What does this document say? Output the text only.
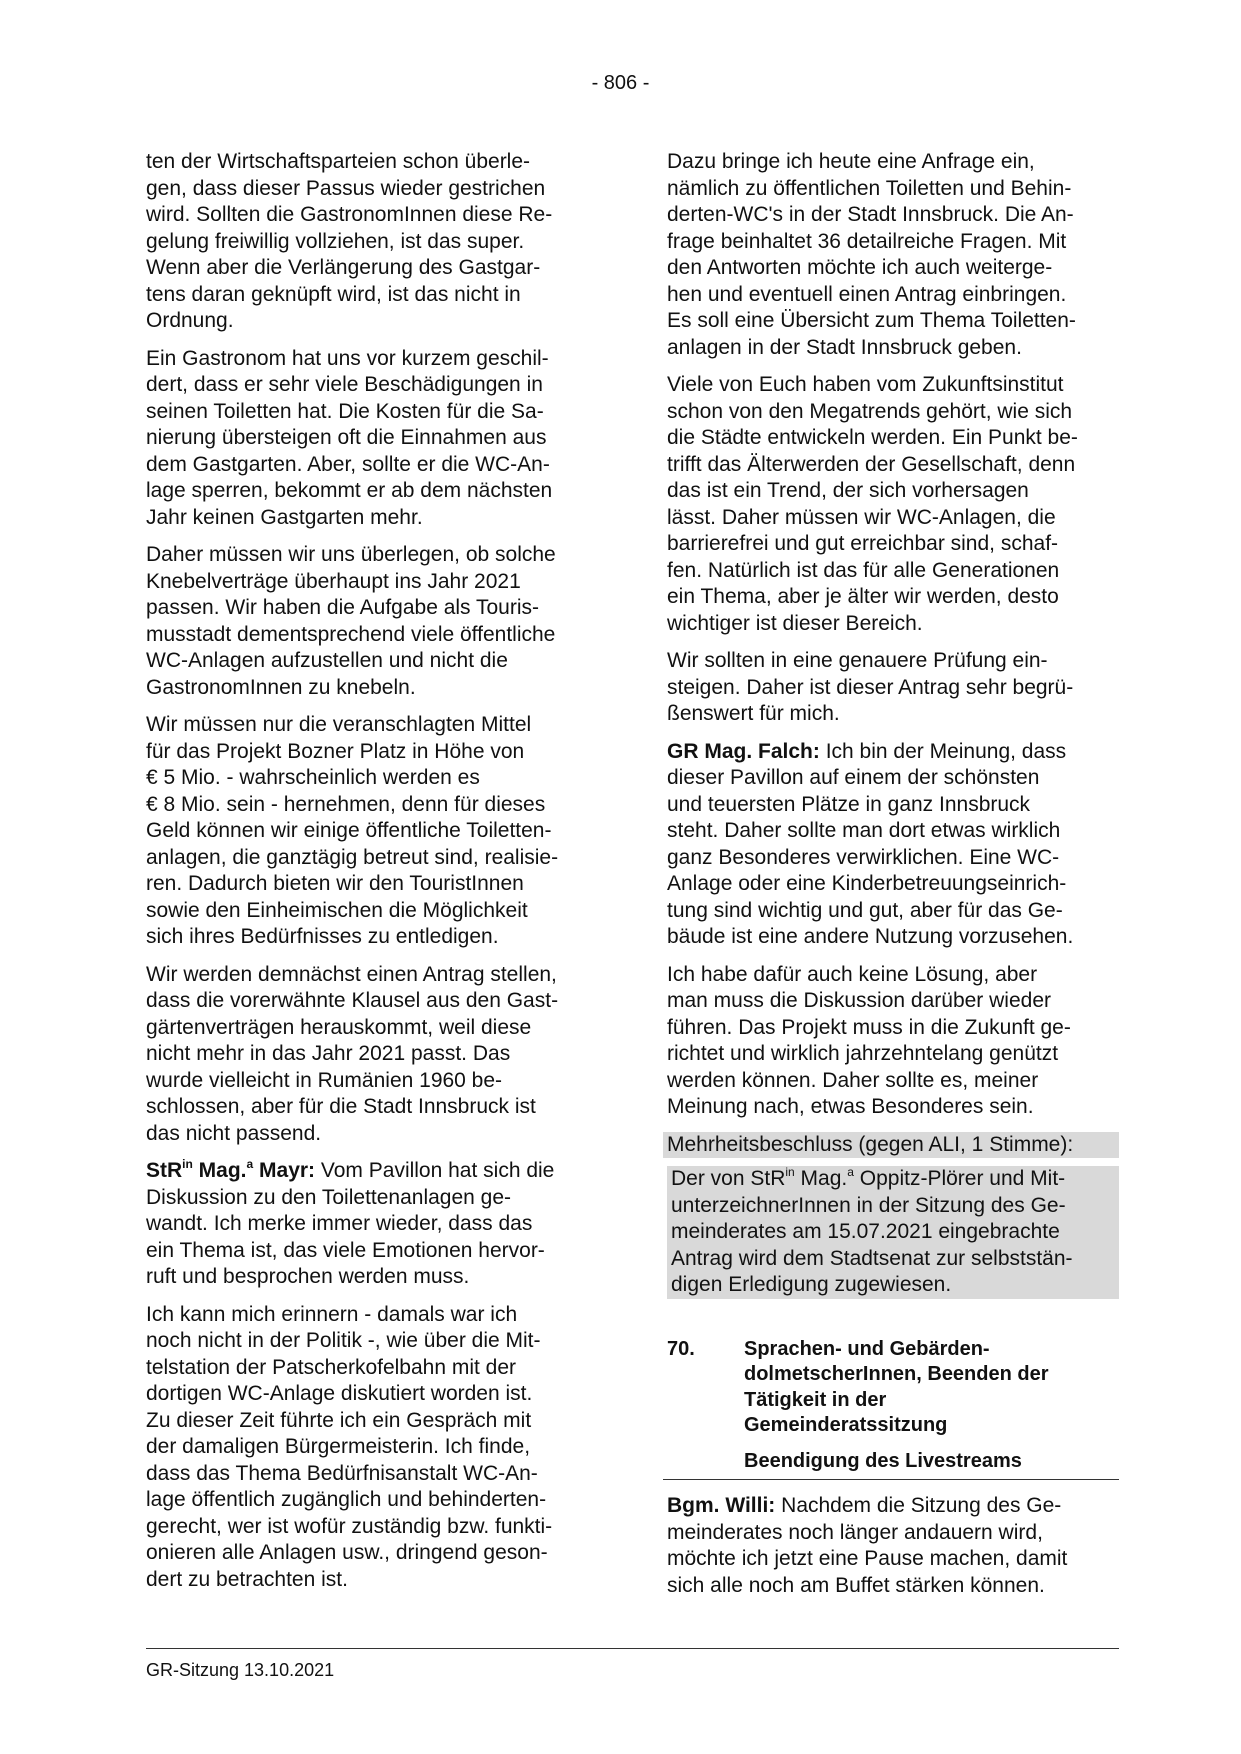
- 806 -

ten der Wirtschaftsparteien schon überle-
gen, dass dieser Passus wieder gestrichen
wird. Sollten die GastronomInnen diese Re-
gelung freiwillig vollziehen, ist das super.
Wenn aber die Verlängerung des Gastgar-
tens daran geknüpft wird, ist das nicht in
Ordnung.

Ein Gastronom hat uns vor kurzem geschil-
dert, dass er sehr viele Beschädigungen in
seinen Toiletten hat. Die Kosten für die Sa-
nierung übersteigen oft die Einnahmen aus
dem Gastgarten. Aber, sollte er die WC-An-
lage sperren, bekommt er ab dem nächsten
Jahr keinen Gastgarten mehr.

Daher müssen wir uns überlegen, ob solche
Knebelverträge überhaupt ins Jahr 2021
passen. Wir haben die Aufgabe als Touris-
musstadt dementsprechend viele öffentliche
WC-Anlagen aufzustellen und nicht die
GastronomInnen zu knebeln.

Wir müssen nur die veranschlagten Mittel
für das Projekt Bozner Platz in Höhe von
€ 5 Mio. - wahrscheinlich werden es
€ 8 Mio. sein - hernehmen, denn für dieses
Geld können wir einige öffentliche Toiletten-
anlagen, die ganztägig betreut sind, realisie-
ren. Dadurch bieten wir den TouristInnen
sowie den Einheimischen die Möglichkeit
sich ihres Bedürfnisses zu entledigen.

Wir werden demnächst einen Antrag stellen,
dass die vorerwähnte Klausel aus den Gast-
gärtenverträgen herauskommt, weil diese
nicht mehr in das Jahr 2021 passt. Das
wurde vielleicht in Rumänien 1960 be-
schlossen, aber für die Stadt Innsbruck ist
das nicht passend.

StR$^{in}$ Mag.$^a$ Mayr: Vom Pavillon hat sich die
Diskussion zu den Toilettenanlagen ge-
wandt. Ich merke immer wieder, dass das
ein Thema ist, das viele Emotionen hervor-
ruft und besprochen werden muss.

Ich kann mich erinnern - damals war ich
noch nicht in der Politik -, wie über die Mit-
telstation der Patscherkofelbahn mit der
dortigen WC-Anlage diskutiert worden ist.
Zu dieser Zeit führte ich ein Gespräch mit
der damaligen Bürgermeisterin. Ich finde,
dass das Thema Bedürfnisanstalt WC-An-
lage öffentlich zugänglich und behinderten-
gerecht, wer ist wofür zuständig bzw. funkti-
onieren alle Anlagen usw., dringend geson-
dert zu betrachten ist.

Dazu bringe ich heute eine Anfrage ein,
nämlich zu öffentlichen Toiletten und Behin-
derten-WC's in der Stadt Innsbruck. Die An-
frage beinhaltet 36 detailreiche Fragen. Mit
den Antworten möchte ich auch weiterge-
hen und eventuell einen Antrag einbringen.
Es soll eine Übersicht zum Thema Toiletten-
anlagen in der Stadt Innsbruck geben.

Viele von Euch haben vom Zukunftsinstitut
schon von den Megatrends gehört, wie sich
die Städte entwickeln werden. Ein Punkt be-
trifft das Älterwerden der Gesellschaft, denn
das ist ein Trend, der sich vorhersagen
lässt. Daher müssen wir WC-Anlagen, die
barrierefrei und gut erreichbar sind, schaf-
fen. Natürlich ist das für alle Generationen
ein Thema, aber je älter wir werden, desto
wichtiger ist dieser Bereich.

Wir sollten in eine genauere Prüfung ein-
steigen. Daher ist dieser Antrag sehr begrü-
ßenswert für mich.

GR Mag. Falch: Ich bin der Meinung, dass
dieser Pavillon auf einem der schönsten
und teuersten Plätze in ganz Innsbruck
steht. Daher sollte man dort etwas wirklich
ganz Besonderes verwirklichen. Eine WC-
Anlage oder eine Kinderbetreuungseinrich-
tung sind wichtig und gut, aber für das Ge-
bäude ist eine andere Nutzung vorzusehen.

Ich habe dafür auch keine Lösung, aber
man muss die Diskussion darüber wieder
führen. Das Projekt muss in die Zukunft ge-
richtet und wirklich jahrzehntelang genützt
werden können. Daher sollte es, meiner
Meinung nach, etwas Besonderes sein.

Mehrheitsbeschluss (gegen ALI, 1 Stimme):

Der von StR$^{in}$ Mag.$^a$ Oppitz-Plörer und Mit-
unterzeichnerInnen in der Sitzung des Ge-
meinderates am 15.07.2021 eingebrachte
Antrag wird dem Stadtsenat zur selbststän-
digen Erledigung zugewiesen.

70.	Sprachen- und Gebärden-
dolmetscherInnen, Beenden der
Tätigkeit in der
Gemeinderatssitzung
Beendigung des Livestreams

Bgm. Willi: Nachdem die Sitzung des Ge-
meinderates noch länger andauern wird,
möchte ich jetzt eine Pause machen, damit
sich alle noch am Buffet stärken können.

GR-Sitzung 13.10.2021
